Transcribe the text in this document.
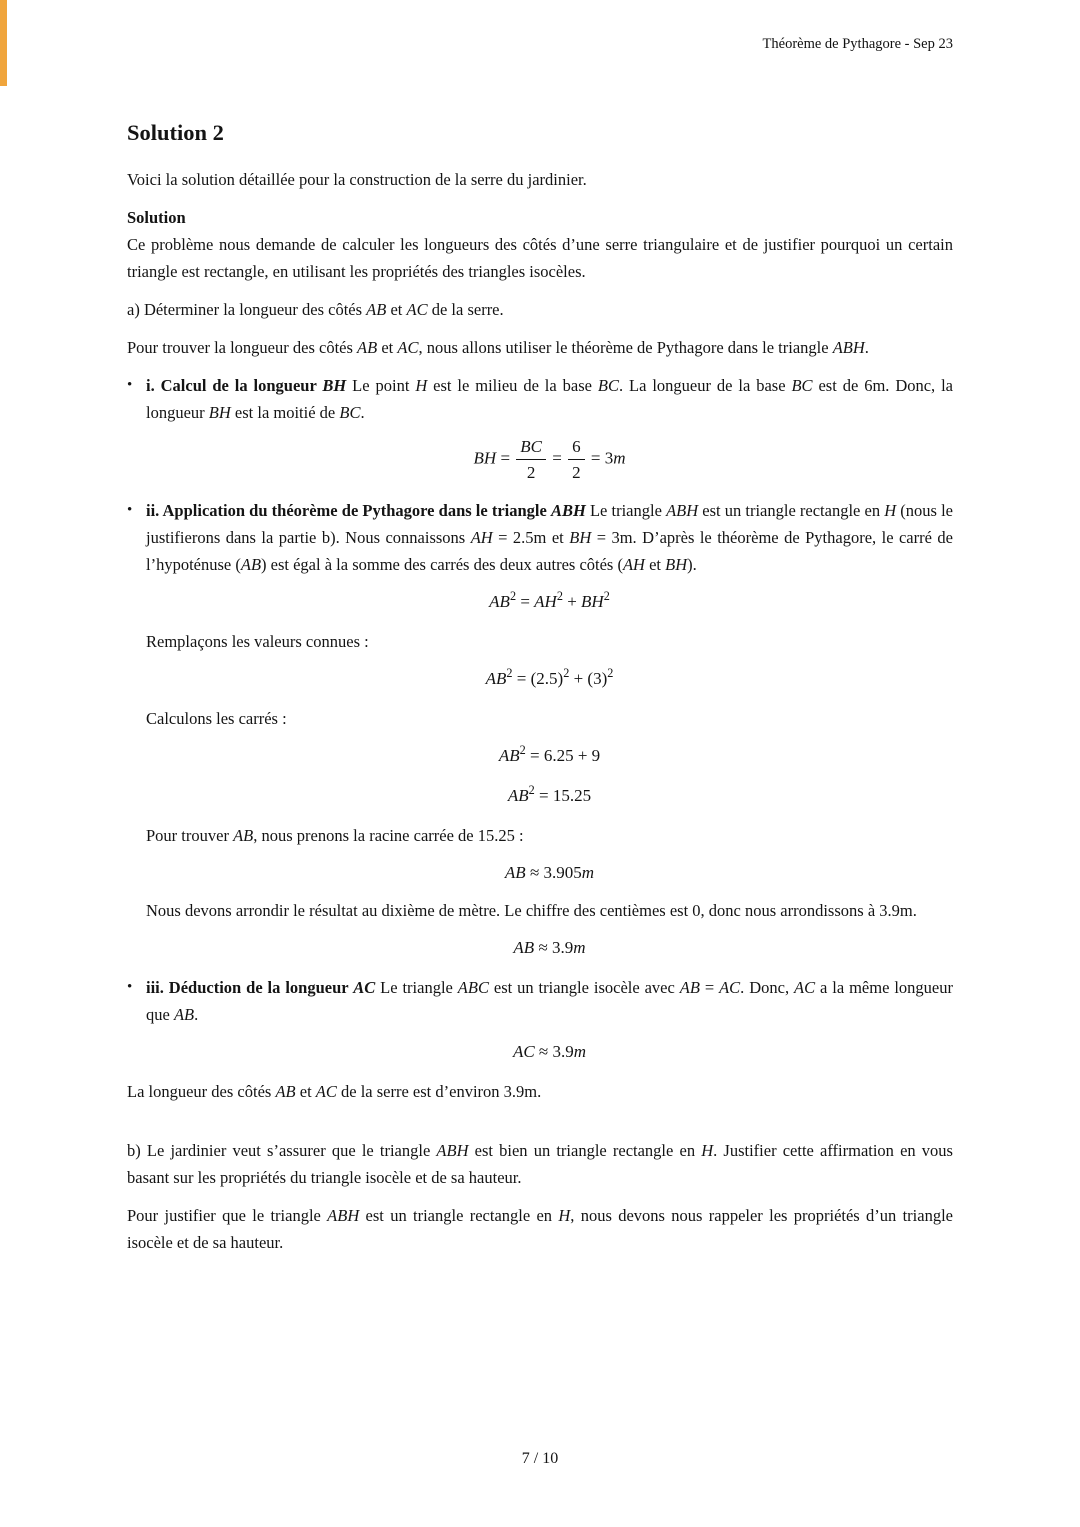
Théorème de Pythagore - Sep 23
Solution 2

Voici la solution détaillée pour la construction de la serre du jardinier.

Solution

Ce problème nous demande de calculer les longueurs des côtés d’une serre triangulaire et de justifier pourquoi un certain triangle est rectangle, en utilisant les propriétés des triangles isocèles.

a) Déterminer la longueur des côtés AB et AC de la serre.

Pour trouver la longueur des côtés AB et AC, nous allons utiliser le théorème de Pythagore dans le triangle ABH.

• i. Calcul de la longueur BH Le point H est le milieu de la base BC. La longueur de la base BC est de 6m. Donc, la longueur BH est la moitié de BC.

BH = $\frac{BC}{2} = \frac{6}{2} = 3m$
• ii. Application du théorème de Pythagore dans le triangle ABH Le triangle ABH est un triangle rectangle en H (nous le justifierons dans la partie b). Nous connaissons AH = 2.5m et BH = 3m. D’après le théorème de Pythagore, le carré de l’hypoténuse (AB) est égal à la somme des carrés des deux autres côtés (AH et BH).

$AB^2 = AH^2 + BH^2$

Remplaçons les valeurs connues :

$AB^2 = (2.5)^2 + (3)^2$

Calculons les carrés :

$AB^2 = 6.25 + 9$
$AB^2 = 15.25$

Pour trouver AB, nous prenons la racine carrée de 15.25 :

AB ≈ 3.905m

Nous devons arrondir le résultat au dixième de mètre. Le chiffre des centièmes est 0, donc nous arrondissons à 3.9m.

AB ≈ 3.9m
• iii. Déduction de la longueur AC Le triangle ABC est un triangle isocèle avec AB = AC. Donc, AC a la même longueur que AB.

AC ≈ 3.9m

La longueur des côtés AB et AC de la serre est d’environ 3.9m.

b) Le jardinier veut s’assurer que le triangle ABH est bien un triangle rectangle en H. Justifier cette affirmation en vous basant sur les propriétés du triangle isocèle et de sa hauteur.

Pour justifier que le triangle ABH est un triangle rectangle en H, nous devons nous rappeler les propriétés d’un triangle isocèle et de sa hauteur.

7 / 10
